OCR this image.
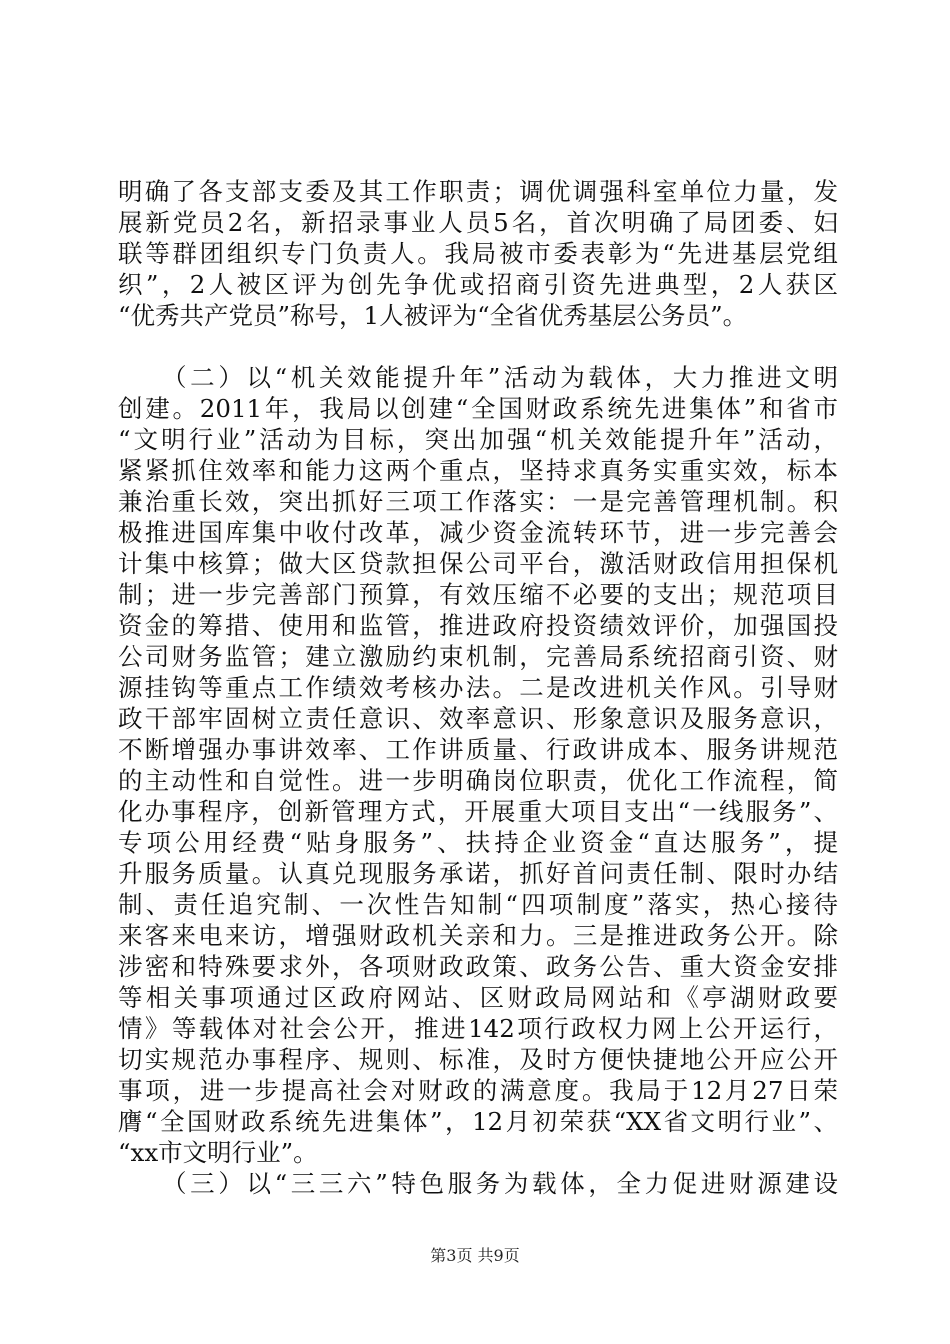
明确了各支部支委及其工作职责；调优调强科室单位力量，发
展新党员2名，新招录事业人员5名，首次明确了局团委、妇
联等群团组织专门负责人。我局被市委表彰为“先进基层党组
织”，2人被区评为创先争优或招商引资先进典型，2人获区
“优秀共产党员”称号，1人被评为“全省优秀基层公务员”。
　　（二）以“机关效能提升年”活动为载体，大力推进文明
创建。2011年，我局以创建“全国财政系统先进集体”和省市
“文明行业”活动为目标，突出加强“机关效能提升年”活动，
紧紧抓住效率和能力这两个重点，坚持求真务实重实效，标本
兼治重长效，突出抓好三项工作落实：一是完善管理机制。积
极推进国库集中收付改革，减少资金流转环节，进一步完善会
计集中核算；做大区贷款担保公司平台，激活财政信用担保机
制；进一步完善部门预算，有效压缩不必要的支出；规范项目
资金的筹措、使用和监管，推进政府投资绩效评价，加强国投
公司财务监管；建立激励约束机制，完善局系统招商引资、财
源挂钩等重点工作绩效考核办法。二是改进机关作风。引导财
政干部牢固树立责任意识、效率意识、形象意识及服务意识，
不断增强办事讲效率、工作讲质量、行政讲成本、服务讲规范
的主动性和自觉性。进一步明确岗位职责，优化工作流程，简
化办事程序，创新管理方式，开展重大项目支出“一线服务”、
专项公用经费“贴身服务”、扶持企业资金“直达服务”，提
升服务质量。认真兑现服务承诺，抓好首问责任制、限时办结
制、责任追究制、一次性告知制“四项制度”落实，热心接待
来客来电来访，增强财政机关亲和力。三是推进政务公开。除
涉密和特殊要求外，各项财政政策、政务公告、重大资金安排
等相关事项通过区政府网站、区财政局网站和《亭湖财政要
情》等载体对社会公开，推进142项行政权力网上公开运行，
切实规范办事程序、规则、标准，及时方便快捷地公开应公开
事项，进一步提高社会对财政的满意度。我局于12月27日荣
膺“全国财政系统先进集体”，12月初荣获“XX省文明行业”、
“xx市文明行业”。
　　（三）以“三三六”特色服务为载体，全力促进财源建设
第3页 共9页
